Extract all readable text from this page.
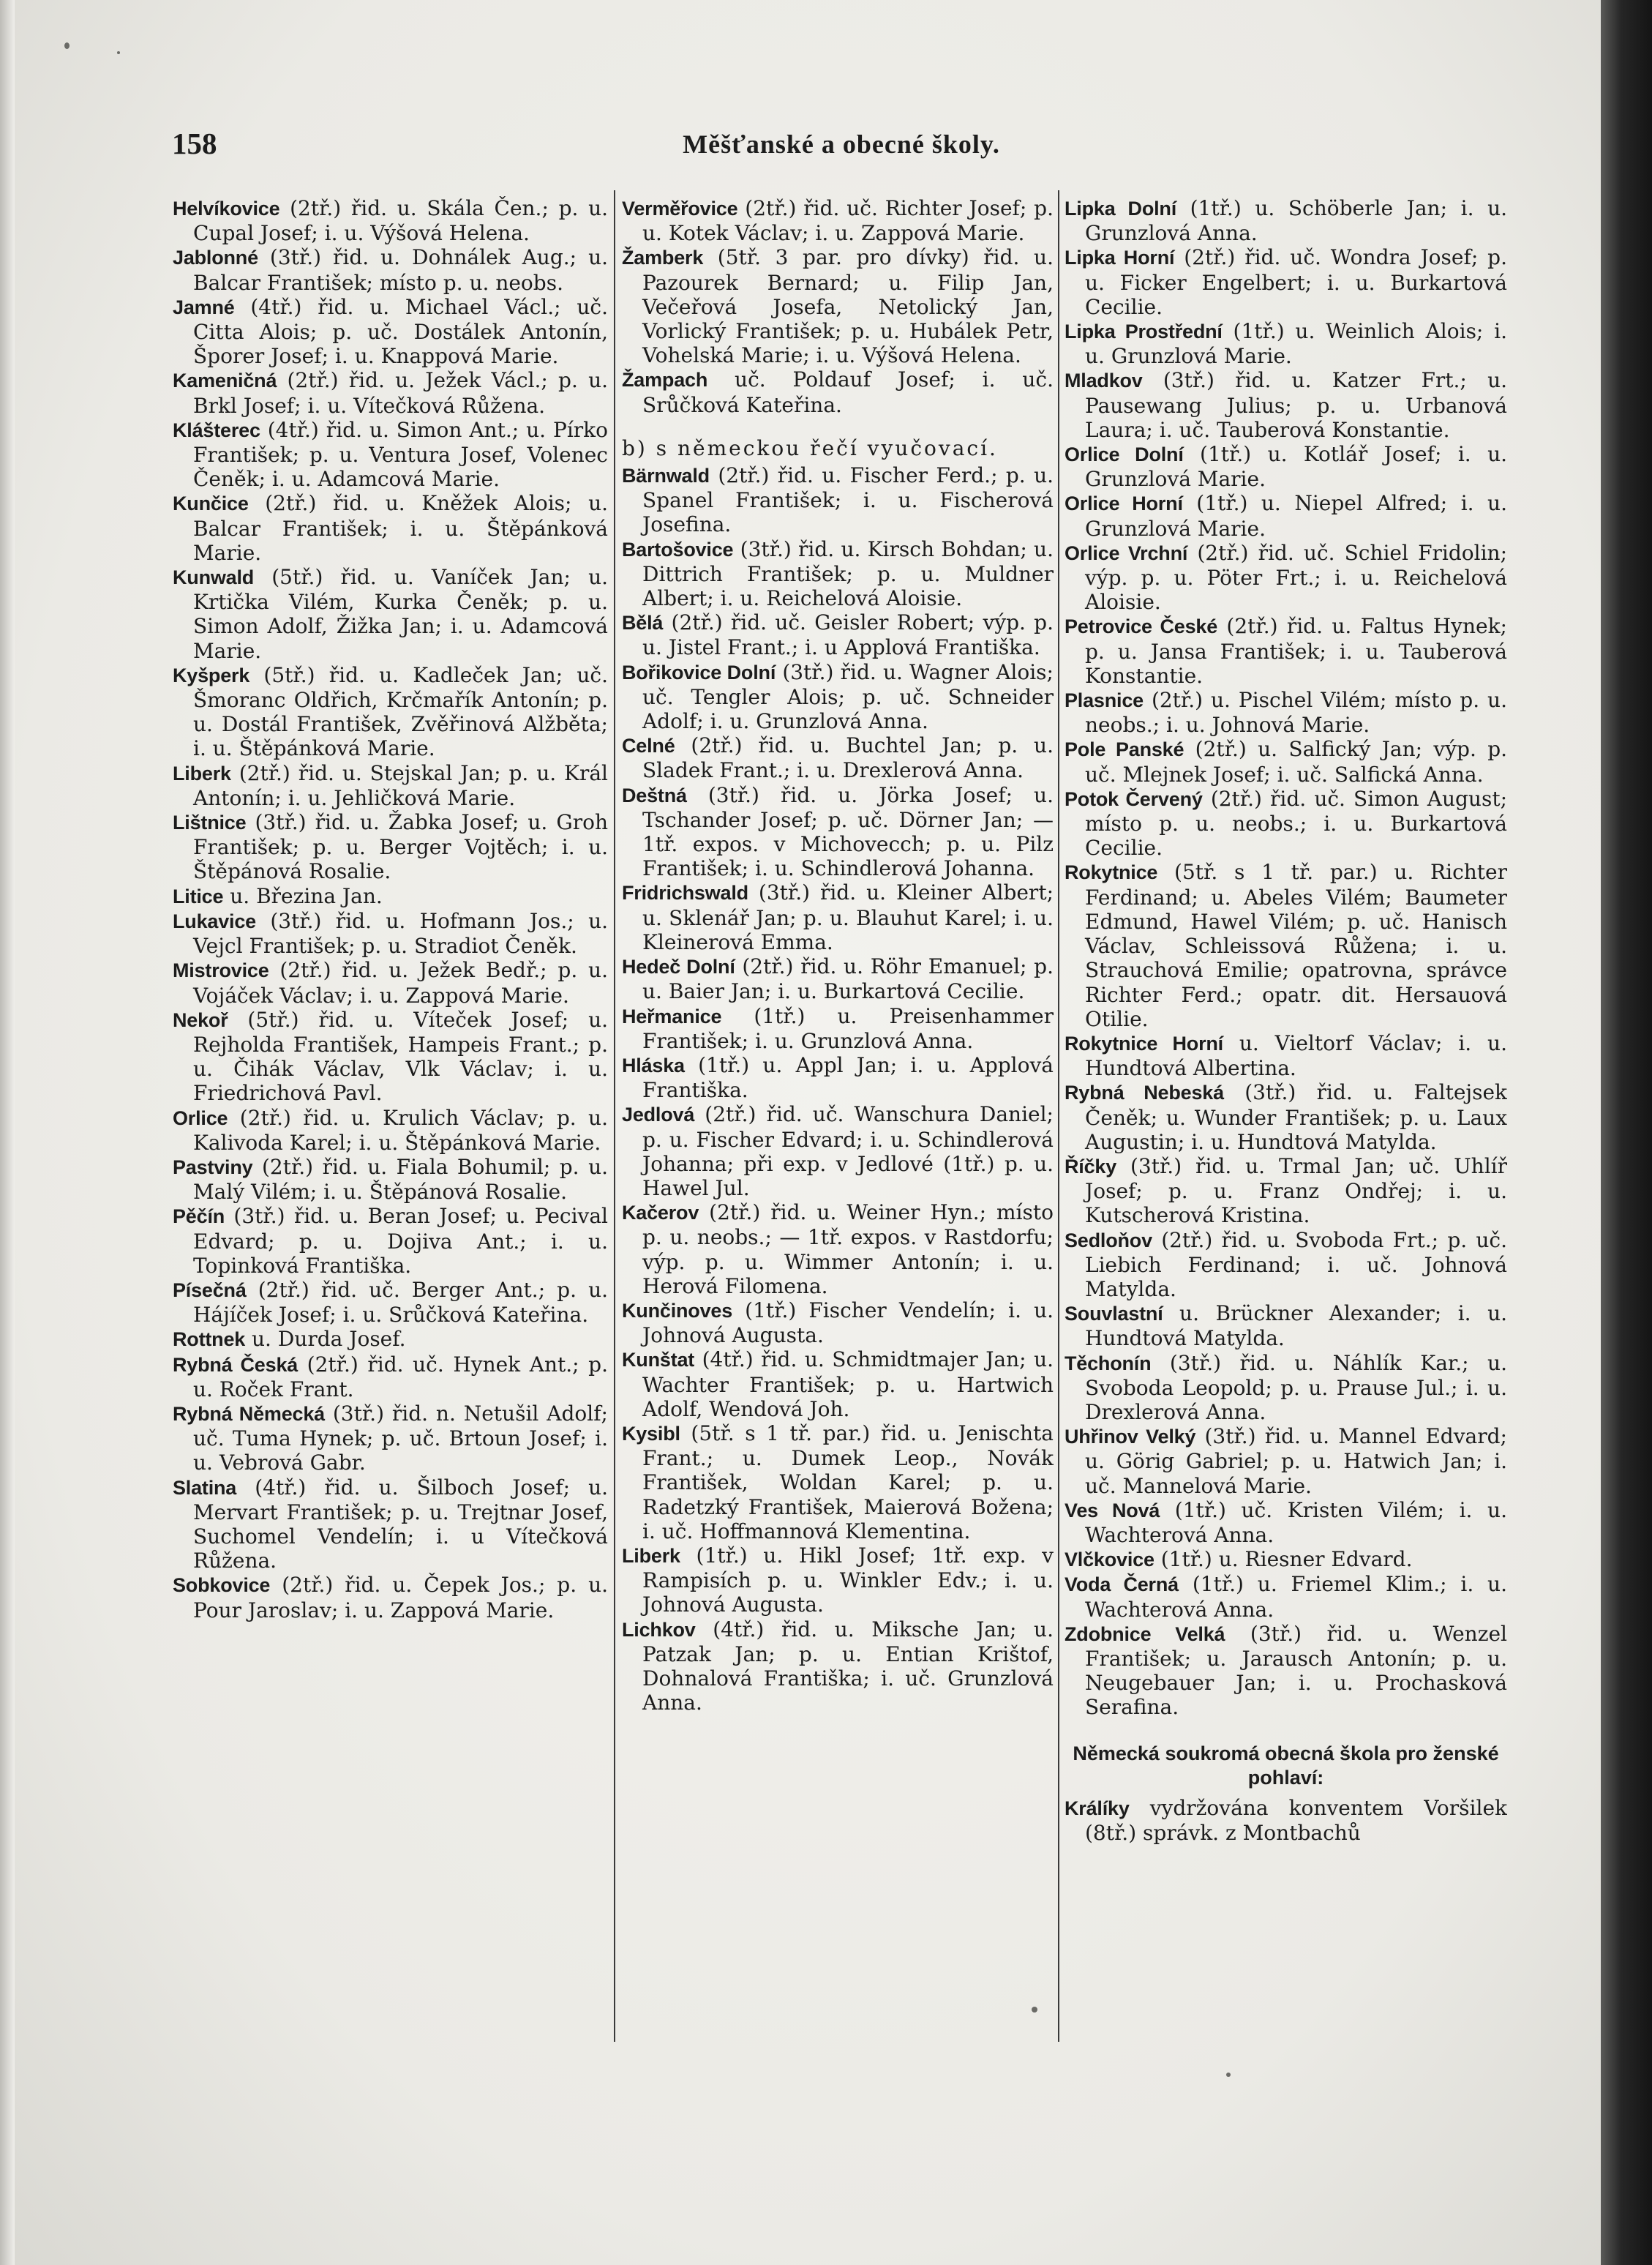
158	Měšťanské a obecné školy.

Helvíkovice (2tř.) řid. u. Skála Čen.; p. u. Cupal Josef; i. u. Výšová Helena.

Jablonné (3tř.) řid. u. Dohnálek Aug.; u. Balcar František; místo p. u. neobs.

Jamné (4tř.) řid. u. Michael Václ.; uč. Citta Alois; p. uč. Dostálek Antonín, Šporer Josef; i. u. Knappová Marie.

Kameničná (2tř.) řid. u. Ježek Václ.; p. u. Brkl Josef; i. u. Vítečková Růžena.

Klášterec (4tř.) řid. u. Simon Ant.; u. Pírko František; p. u. Ventura Josef, Volenec Čeněk; i. u. Adamcová Marie.

Kunčice (2tř.) řid. u. Kněžek Alois; u. Balcar František; i. u. Štěpánková Marie.

Kunwald (5tř.) řid. u. Vaníček Jan; u. Krtička Vilém, Kurka Čeněk; p. u. Simon Adolf, Žižka Jan; i. u. Adamcová Marie.

Kyšperk (5tř.) řid. u. Kadleček Jan; uč. Šmoranc Oldřich, Krčmařík Antonín; p. u. Dostál František, Zvěřinová Alžběta; i. u. Štěpánková Marie.

Liberk (2tř.) řid. u. Stejskal Jan; p. u. Král Antonín; i. u. Jehličková Marie.

Lištnice (3tř.) řid. u. Žabka Josef; u. Groh František; p. u. Berger Vojtěch; i. u. Štěpánová Rosalie.

Litice u. Březina Jan.

Lukavice (3tř.) řid. u. Hofmann Jos.; u. Vejcl František; p. u. Stradiot Čeněk.

Mistrovice (2tř.) řid. u. Ježek Bedř.; p. u. Vojáček Václav; i. u. Zappová Marie.

Nekoř (5tř.) řid. u. Víteček Josef; u. Rejholda František, Hampeis Frant.; p. u. Čihák Václav, Vlk Václav; i. u. Friedrichová Pavl.

Orlice (2tř.) řid. u. Krulich Václav; p. u. Kalivoda Karel; i. u. Štěpánková Marie.

Pastviny (2tř.) řid. u. Fiala Bohumil; p. u. Malý Vilém; i. u. Štěpánová Rosalie.

Pěčín (3tř.) řid. u. Beran Josef; u. Pecival Edvard; p. u. Dojiva Ant.; i. u. Topinková Františka.

Písečná (2tř.) řid. uč. Berger Ant.; p. u. Hájíček Josef; i. u. Srůčková Kateřina.

Rottnek u. Durda Josef.

Rybná Česká (2tř.) řid. uč. Hynek Ant.; p. u. Roček Frant.

Rybná Německá (3tř.) řid. n. Netušil Adolf; uč. Tuma Hynek; p. uč. Brtoun Josef; i. u. Vebrová Gabr.

Slatina (4tř.) řid. u. Šilboch Josef; u. Mervart František; p. u. Trejtnar Josef, Suchomel Vendelín; i. u Vítečková Růžena.

Sobkovice (2tř.) řid. u. Čepek Jos.; p. u. Pour Jaroslav; i. u. Zappová Marie.

Verměřovice (2tř.) řid. uč. Richter Josef; p. u. Kotek Václav; i. u. Zappová Marie.

Žamberk (5tř. 3 par. pro dívky) řid. u. Pazourek Bernard; u. Filip Jan, Večeřová Josefa, Netolický Jan, Vorlický František; p. u. Hubálek Petr, Vohelská Marie; i. u. Výšová Helena.

Žampach uč. Poldauf Josef; i. uč. Srůčková Kateřina.

b) s německou řečí vyučovací.

Bärnwald (2tř.) řid. u. Fischer Ferd.; p. u. Spanel František; i. u. Fischerová Josefina.

Bartošovice (3tř.) řid. u. Kirsch Bohdan; u. Dittrich František; p. u. Muldner Albert; i. u. Reichelová Aloisie.

Bělá (2tř.) řid. uč. Geisler Robert; výp. p. u. Jistel Frant.; i. u Applová Františka.

Bořikovice Dolní (3tř.) řid. u. Wagner Alois; uč. Tengler Alois; p. uč. Schneider Adolf; i. u. Grunzlová Anna.

Celné (2tř.) řid. u. Buchtel Jan; p. u. Sladek Frant.; i. u. Drexlerová Anna.

Deštná (3tř.) řid. u. Jörka Josef; u. Tschander Josef; p. uč. Dörner Jan; — 1tř. expos. v Michovecch; p. u. Pilz František; i. u. Schindlerová Johanna.

Fridrichswald (3tř.) řid. u. Kleiner Albert; u. Sklenář Jan; p. u. Blauhut Karel; i. u. Kleinerová Emma.

Hedeč Dolní (2tř.) řid. u. Röhr Emanuel; p. u. Baier Jan; i. u. Burkartová Cecilie.

Heřmanice (1tř.) u. Preisenhammer František; i. u. Grunzlová Anna.

Hláska (1tř.) u. Appl Jan; i. u. Applová Františka.

Jedlová (2tř.) řid. uč. Wanschura Daniel; p. u. Fischer Edvard; i. u. Schindlerová Johanna; při exp. v Jedlové (1tř.) p. u. Hawel Jul.

Kačerov (2tř.) řid. u. Weiner Hyn.; místo p. u. neobs.; — 1tř. expos. v Rastdorfu; výp. p. u. Wimmer Antonín; i. u. Herová Filomena.

Kunčinoves (1tř.) Fischer Vendelín; i. u. Johnová Augusta.

Kunštat (4tř.) řid. u. Schmidtmajer Jan; u. Wachter František; p. u. Hartwich Adolf, Wendová Joh.

Kysibl (5tř. s 1 tř. par.) řid. u. Jenischta Frant.; u. Dumek Leop., Novák František, Woldan Karel; p. u. Radetzký František, Maierová Božena; i. uč. Hoffmannová Klementina.

Liberk (1tř.) u. Hikl Josef; 1tř. exp. v Rampisích p. u. Winkler Edv.; i. u. Johnová Augusta.

Lichkov (4tř.) řid. u. Miksche Jan; u. Patzak Jan; p. u. Entian Krištof, Dohnalová Františka; i. uč. Grunzlová Anna.

Lipka Dolní (1tř.) u. Schöberle Jan; i. u. Grunzlová Anna.

Lipka Horní (2tř.) řid. uč. Wondra Josef; p. u. Ficker Engelbert; i. u. Burkartová Cecilie.

Lipka Prostřední (1tř.) u. Weinlich Alois; i. u. Grunzlová Marie.

Mladkov (3tř.) řid. u. Katzer Frt.; u. Pausewang Julius; p. u. Urbanová Laura; i. uč. Tauberová Konstantie.

Orlice Dolní (1tř.) u. Kotlář Josef; i. u. Grunzlová Marie.

Orlice Horní (1tř.) u. Niepel Alfred; i. u. Grunzlová Marie.

Orlice Vrchní (2tř.) řid. uč. Schiel Fridolin; výp. p. u. Pöter Frt.; i. u. Reichelová Aloisie.

Petrovice České (2tř.) řid. u. Faltus Hynek; p. u. Jansa František; i. u. Tauberová Konstantie.

Plasnice (2tř.) u. Pischel Vilém; místo p. u. neobs.; i. u. Johnová Marie.

Pole Panské (2tř.) u. Salfický Jan; výp. p. uč. Mlejnek Josef; i. uč. Salfická Anna.

Potok Červený (2tř.) řid. uč. Simon August; místo p. u. neobs.; i. u. Burkartová Cecilie.

Rokytnice (5tř. s 1 tř. par.) u. Richter Ferdinand; u. Abeles Vilém; Baumeter Edmund, Hawel Vilém; p. uč. Hanisch Václav, Schleissová Růžena; i. u. Strauchová Emilie; opatrovna, správce Richter Ferd.; opatr. dit. Hersauová Otilie.

Rokytnice Horní u. Vieltorf Václav; i. u. Hundtová Albertina.

Rybná Nebeská (3tř.) řid. u. Faltejsek Čeněk; u. Wunder František; p. u. Laux Augustin; i. u. Hundtová Matylda.

Říčky (3tř.) řid. u. Trmal Jan; uč. Uhlíř Josef; p. u. Franz Ondřej; i. u. Kutscherová Kristina.

Sedloňov (2tř.) řid. u. Svoboda Frt.; p. uč. Liebich Ferdinand; i. uč. Johnová Matylda.

Souvlastní u. Brückner Alexander; i. u. Hundtová Matylda.

Těchonín (3tř.) řid. u. Náhlík Kar.; u. Svoboda Leopold; p. u. Prause Jul.; i. u. Drexlerová Anna.

Uhřinov Velký (3tř.) řid. u. Mannel Edvard; u. Görig Gabriel; p. u. Hatwich Jan; i. uč. Mannelová Marie.

Ves Nová (1tř.) uč. Kristen Vilém; i. u. Wachterová Anna.

Vlčkovice (1tř.) u. Riesner Edvard.

Voda Černá (1tř.) u. Friemel Klim.; i. u. Wachterová Anna.

Zdobnice Velká (3tř.) řid. u. Wenzel František; u. Jarausch Antonín; p. u. Neugebauer Jan; i. u. Prochasková Serafina.

Německá soukromá obecná škola pro ženské pohlaví:

Králíky vydržována konventem Voršilek (8tř.) správk. z Montbachů
